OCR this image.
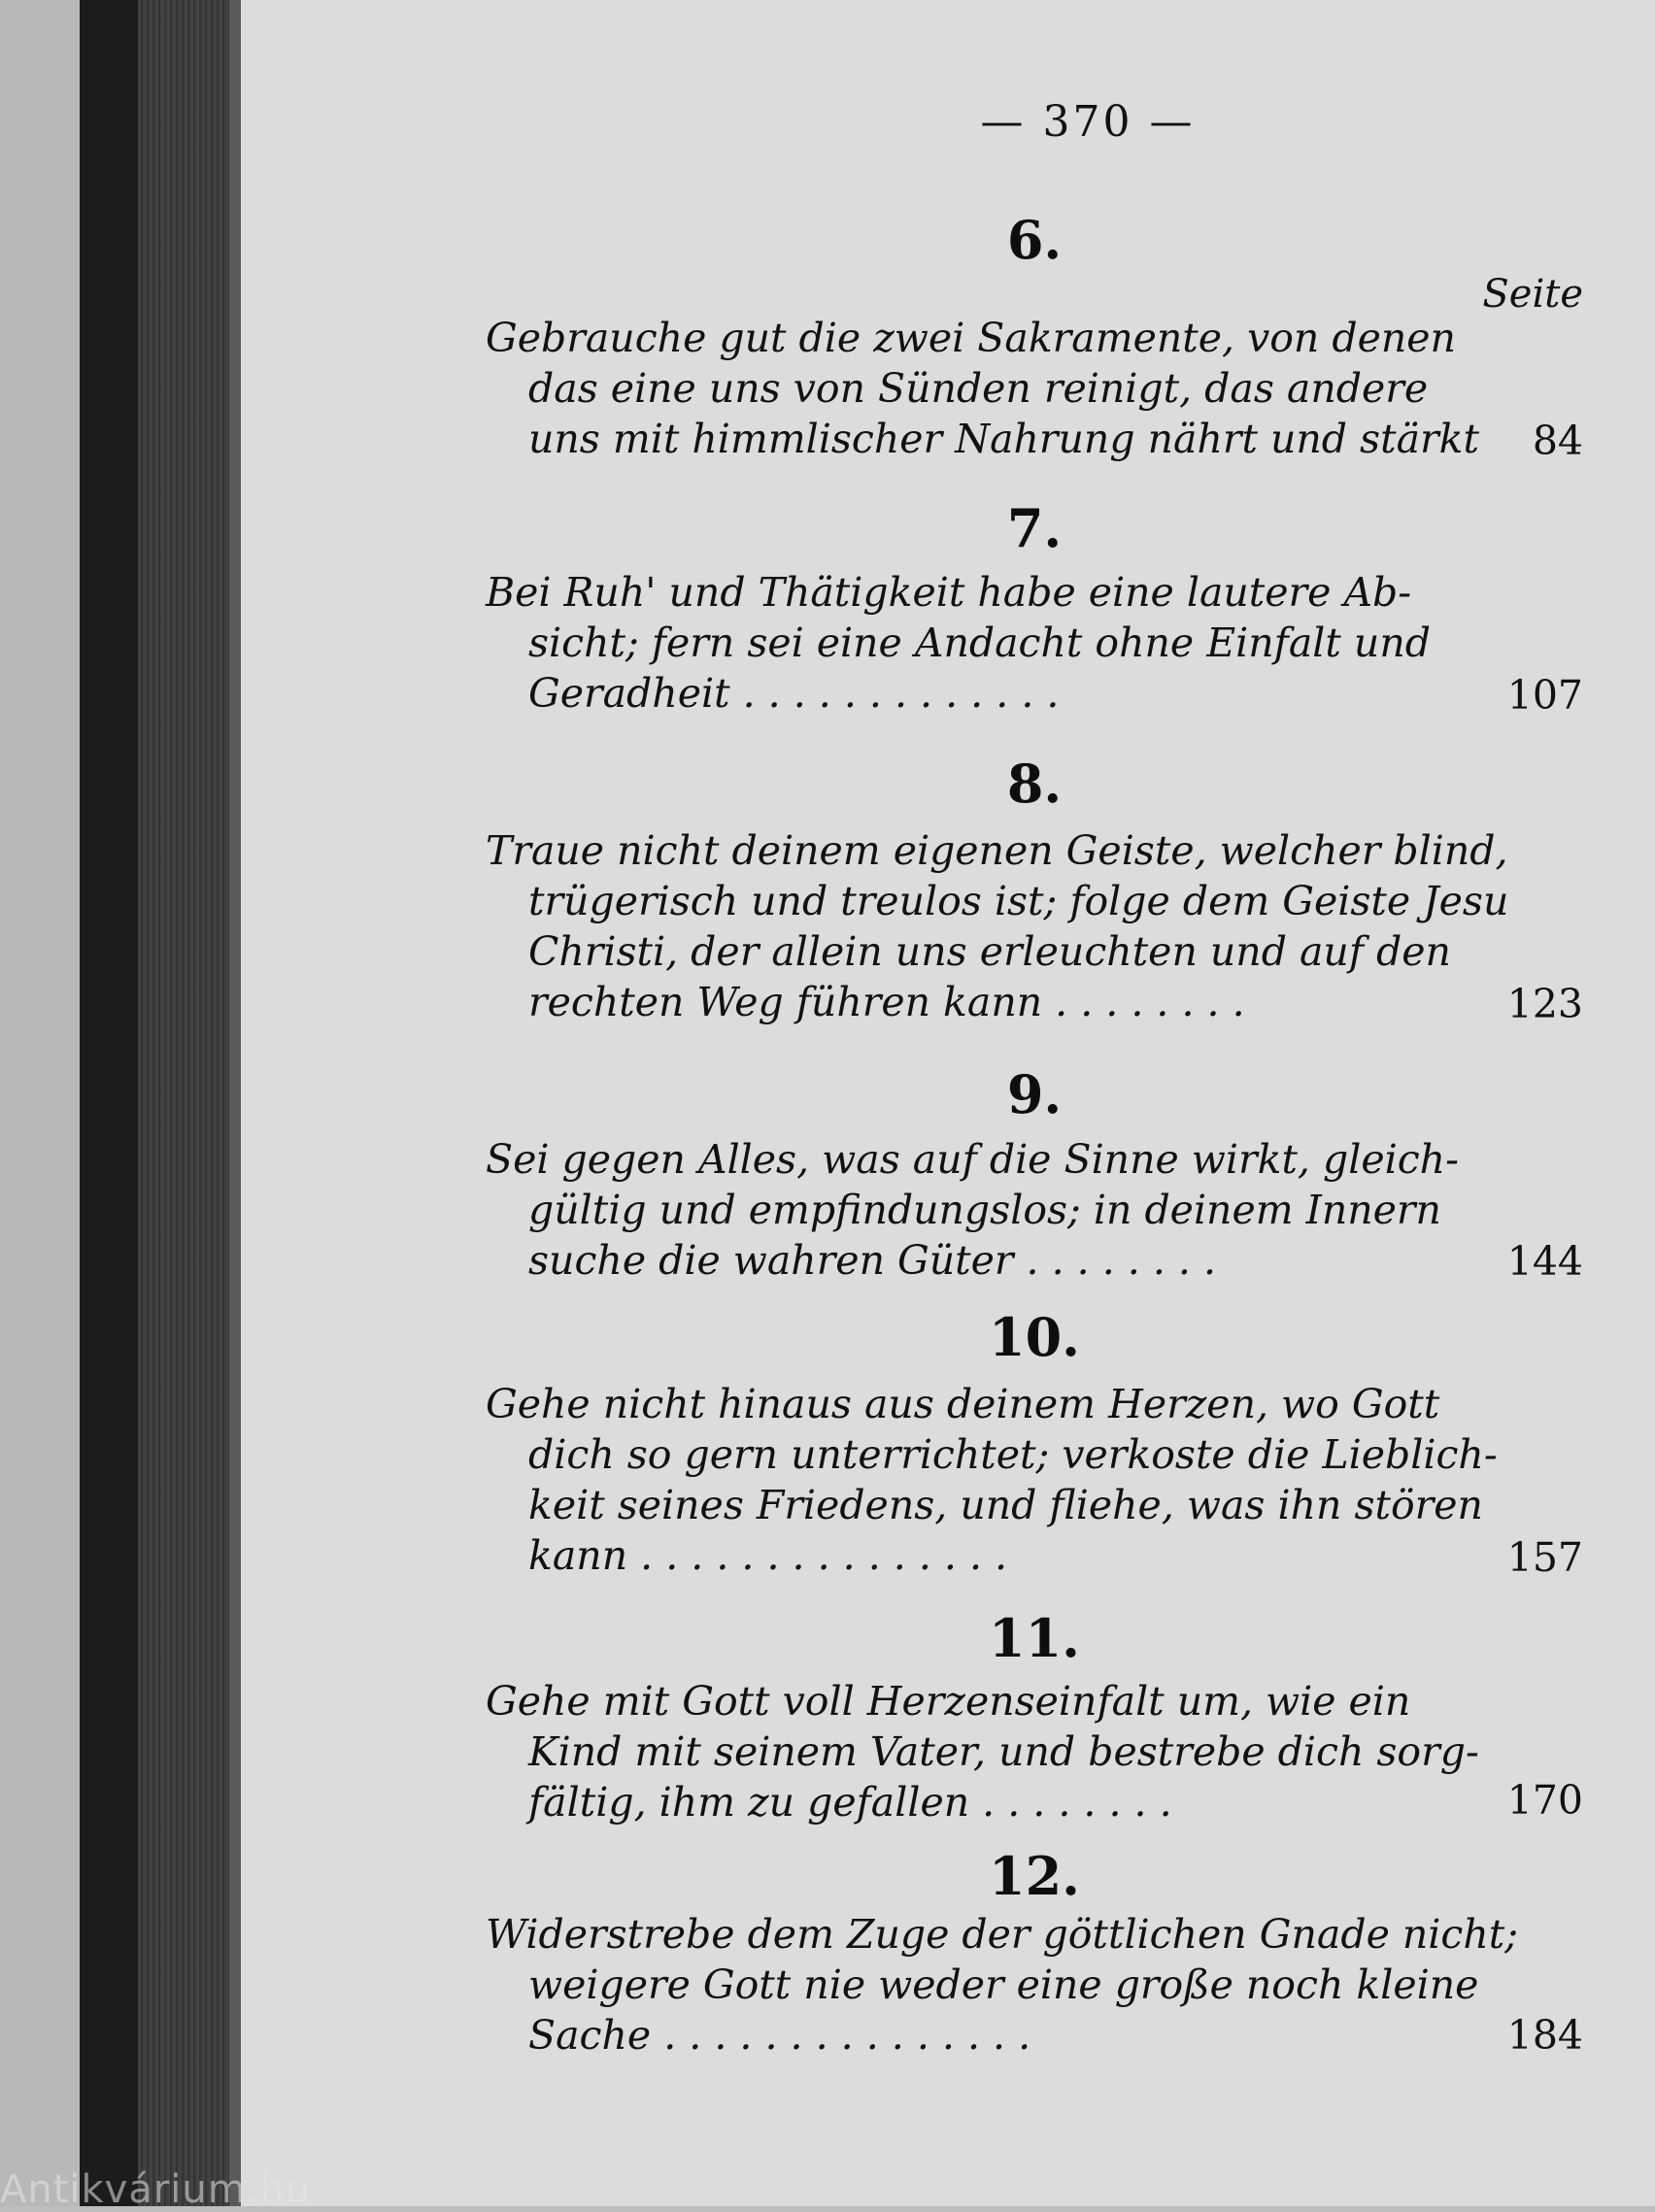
— 370 —
Seite
6.
Gebrauche gut die zwei Sakramente, von denen
das eine uns von Sünden reinigt, das andere
uns mit himmlischer Nahrung nährt und stärkt	84
7.
Bei Ruh' und Thätigkeit habe eine lautere Ab-
sicht; fern sei eine Andacht ohne Einfalt und
Geradheit . . . . . . . . . . . . .	107
8.
Traue nicht deinem eigenen Geiste, welcher blind,
trügerisch und treulos ist; folge dem Geiste Jesu
Christi, der allein uns erleuchten und auf den
rechten Weg führen kann . . . . . . . .	123
9.
Sei gegen Alles, was auf die Sinne wirkt, gleich-
gültig und empfindungslos; in deinem Innern
suche die wahren Güter . . . . . . . .	144
10.
Gehe nicht hinaus aus deinem Herzen, wo Gott
dich so gern unterrichtet; verkoste die Lieblich-
keit seines Friedens, und fliehe, was ihn stören
kann . . . . . . . . . . . . . . .	157
11.
Gehe mit Gott voll Herzenseinfalt um, wie ein
Kind mit seinem Vater, und bestrebe dich sorg-
fältig, ihm zu gefallen . . . . . . . .	170
12.
Widerstrebe dem Zuge der göttlichen Gnade nicht;
weigere Gott nie weder eine große noch kleine
Sache . . . . . . . . . . . . . . .	184
Antikvárium.hu
